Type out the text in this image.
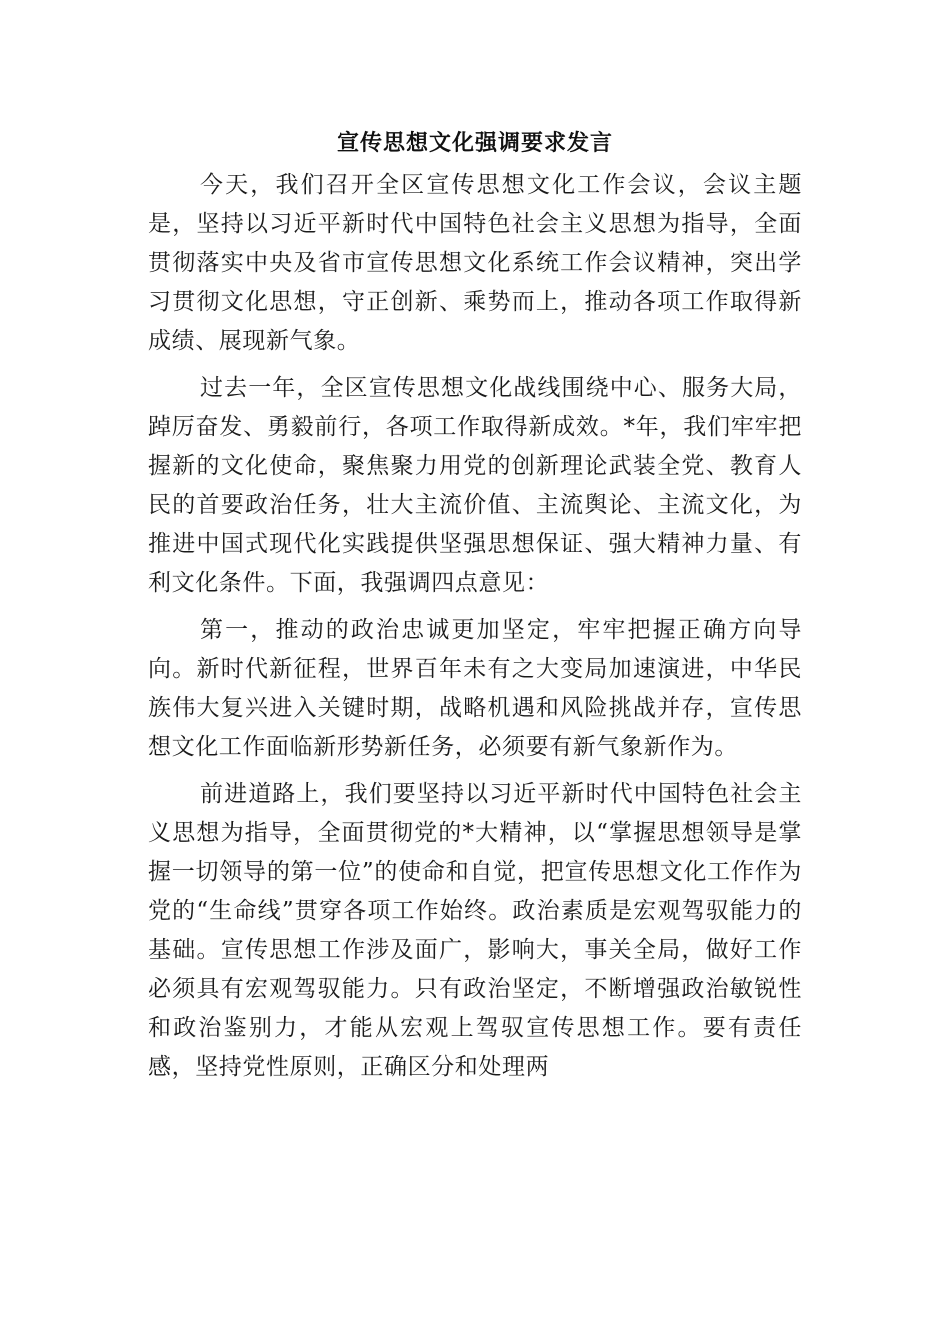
宣传思想文化强调要求发言

今天，我们召开全区宣传思想文化工作会议，会议主题是，坚持以习近平新时代中国特色社会主义思想为指导，全面贯彻落实中央及省市宣传思想文化系统工作会议精神，突出学习贯彻文化思想，守正创新、乘势而上，推动各项工作取得新成绩、展现新气象。

过去一年，全区宣传思想文化战线围绕中心、服务大局，踔厉奋发、勇毅前行，各项工作取得新成效。*年，我们牢牢把握新的文化使命，聚焦聚力用党的创新理论武装全党、教育人民的首要政治任务，壮大主流价值、主流舆论、主流文化，为推进中国式现代化实践提供坚强思想保证、强大精神力量、有利文化条件。下面，我强调四点意见：

第一，推动的政治忠诚更加坚定，牢牢把握正确方向导向。新时代新征程，世界百年未有之大变局加速演进，中华民族伟大复兴进入关键时期，战略机遇和风险挑战并存，宣传思想文化工作面临新形势新任务，必须要有新气象新作为。

前进道路上，我们要坚持以习近平新时代中国特色社会主义思想为指导，全面贯彻党的*大精神，以“掌握思想领导是掌握一切领导的第一位”的使命和自觉，把宣传思想文化工作作为党的“生命线”贯穿各项工作始终。政治素质是宏观驾驭能力的基础。宣传思想工作涉及面广，影响大，事关全局，做好工作必须具有宏观驾驭能力。只有政治坚定，不断增强政治敏锐性和政治鉴别力，才能从宏观上驾驭宣传思想工作。要有责任感，坚持党性原则，正确区分和处理两
